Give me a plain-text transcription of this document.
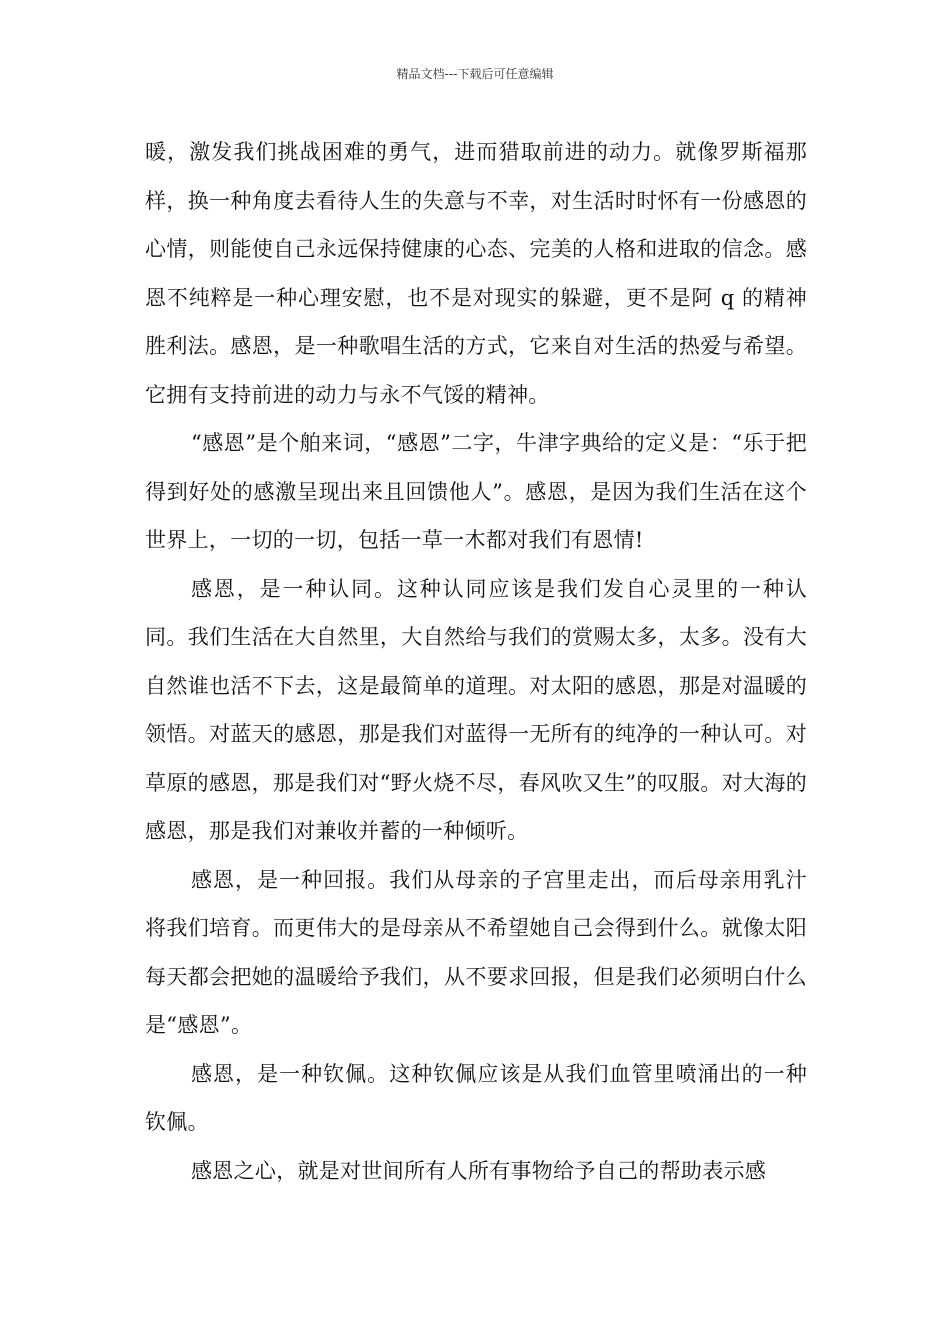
精品文档---下载后可任意编辑

暖，激发我们挑战困难的勇气，进而猎取前进的动力。就像罗斯福那样，换一种角度去看待人生的失意与不幸，对生活时时怀有一份感恩的心情，则能使自己永远保持健康的心态、完美的人格和进取的信念。感恩不纯粹是一种心理安慰，也不是对现实的躲避，更不是阿 q 的精神胜利法。感恩，是一种歌唱生活的方式，它来自对生活的热爱与希望。它拥有支持前进的动力与永不气馁的精神。

“感恩”是个舶来词，“感恩”二字，牛津字典给的定义是：“乐于把得到好处的感激呈现出来且回馈他人”。感恩，是因为我们生活在这个世界上，一切的一切，包括一草一木都对我们有恩情!

感恩，是一种认同。这种认同应该是我们发自心灵里的一种认同。我们生活在大自然里，大自然给与我们的赏赐太多，太多。没有大自然谁也活不下去，这是最简单的道理。对太阳的感恩，那是对温暖的领悟。对蓝天的感恩，那是我们对蓝得一无所有的纯净的一种认可。对草原的感恩，那是我们对“野火烧不尽，春风吹又生”的叹服。对大海的感恩，那是我们对兼收并蓄的一种倾听。

感恩，是一种回报。我们从母亲的子宫里走出，而后母亲用乳汁将我们培育。而更伟大的是母亲从不希望她自己会得到什么。就像太阳每天都会把她的温暖给予我们，从不要求回报，但是我们必须明白什么是“感恩”。

感恩，是一种钦佩。这种钦佩应该是从我们血管里喷涌出的一种钦佩。

感恩之心，就是对世间所有人所有事物给予自己的帮助表示感
